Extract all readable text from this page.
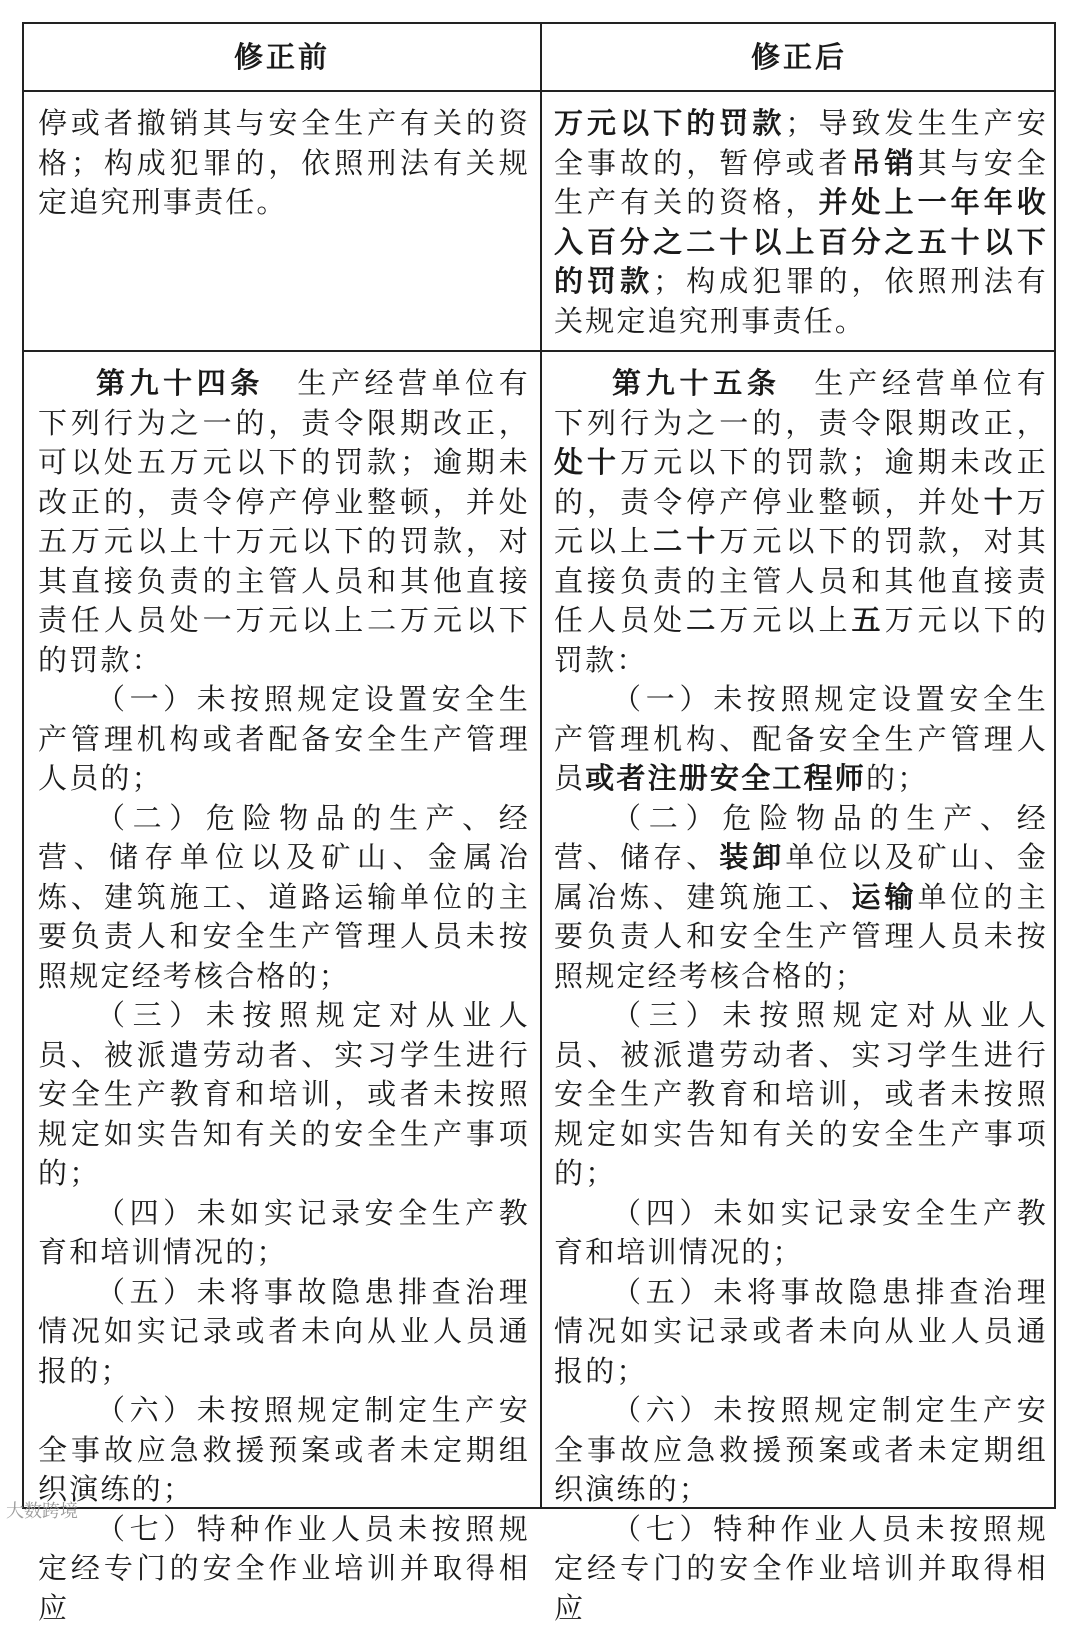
修正前	修正后

停或者撤销其与安全生产有关的资格；构成犯罪的，依照刑法有关规定追究刑事责任。

万元以下的罚款；导致发生生产安全事故的，暂停或者吊销其与安全生产有关的资格，并处上一年年收入百分之二十以上百分之五十以下的罚款；构成犯罪的，依照刑法有关规定追究刑事责任。

第九十四条　生产经营单位有下列行为之一的，责令限期改正，可以处五万元以下的罚款；逾期未改正的，责令停产停业整顿，并处五万元以上十万元以下的罚款，对其直接负责的主管人员和其他直接责任人员处一万元以上二万元以下的罚款：

（一）未按照规定设置安全生产管理机构或者配备安全生产管理人员的；

（二）危险物品的生产、经营、储存单位以及矿山、金属冶炼、建筑施工、道路运输单位的主要负责人和安全生产管理人员未按照规定经考核合格的；

（三）未按照规定对从业人员、被派遣劳动者、实习学生进行安全生产教育和培训，或者未按照规定如实告知有关的安全生产事项的；

（四）未如实记录安全生产教育和培训情况的；

（五）未将事故隐患排查治理情况如实记录或者未向从业人员通报的；

（六）未按照规定制定生产安全事故应急救援预案或者未定期组织演练的；

（七）特种作业人员未按照规定经专门的安全作业培训并取得相应

第九十五条　生产经营单位有下列行为之一的，责令限期改正，处十万元以下的罚款；逾期未改正的，责令停产停业整顿，并处十万元以上二十万元以下的罚款，对其直接负责的主管人员和其他直接责任人员处二万元以上五万元以下的罚款：

（一）未按照规定设置安全生产管理机构、配备安全生产管理人员或者注册安全工程师的；

（二）危险物品的生产、经营、储存、装卸单位以及矿山、金属冶炼、建筑施工、运输单位的主要负责人和安全生产管理人员未按照规定经考核合格的；

（三）未按照规定对从业人员、被派遣劳动者、实习学生进行安全生产教育和培训，或者未按照规定如实告知有关的安全生产事项的；

（四）未如实记录安全生产教育和培训情况的；

（五）未将事故隐患排查治理情况如实记录或者未向从业人员通报的；

（六）未按照规定制定生产安全事故应急救援预案或者未定期组织演练的；

（七）特种作业人员未按照规定经专门的安全作业培训并取得相应

大数跨境
